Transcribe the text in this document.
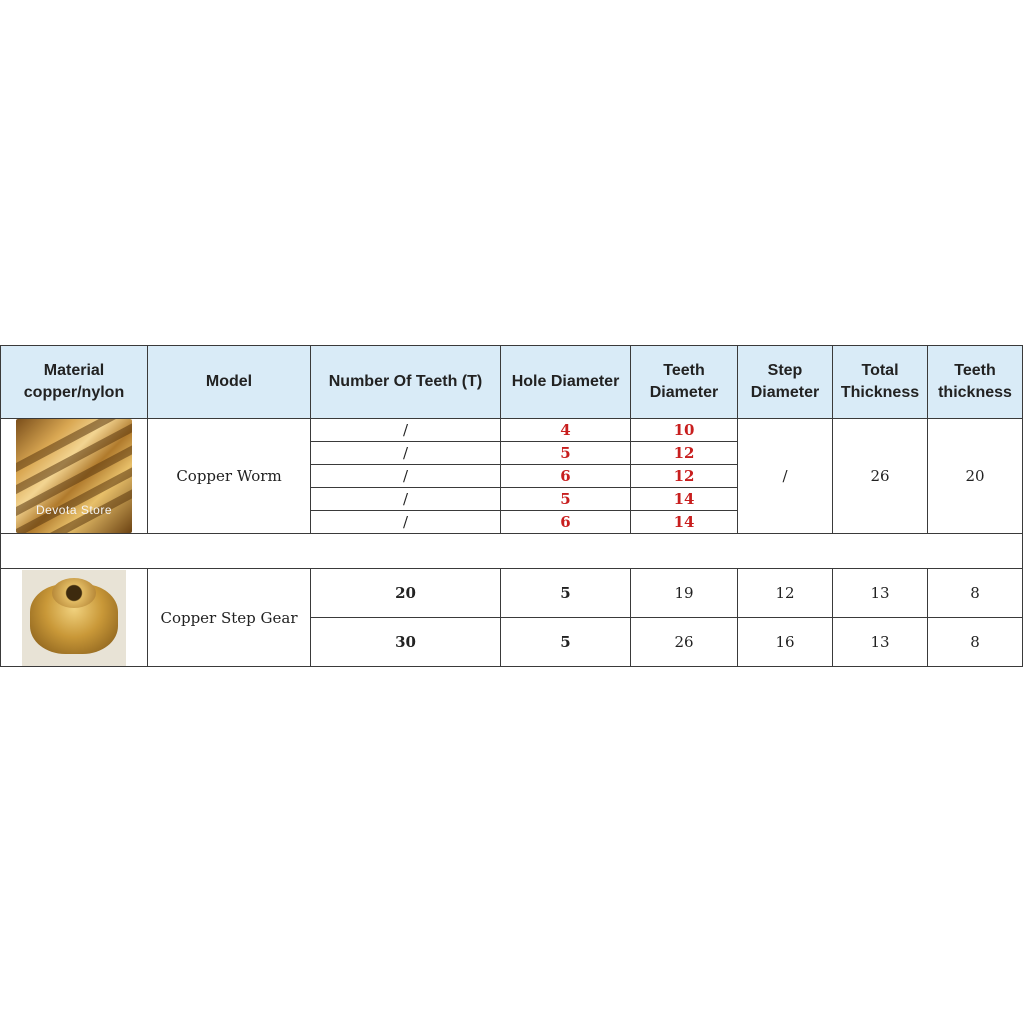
Material copper/nylon	Model	Number Of Teeth (T)	Hole Diameter	Teeth Diameter	Step Diameter	Total Thickness	Teeth thickness

Devota Store	Copper Worm	/	4	10	/	26	20
		/	5	12			
		/	6	12			
		/	5	14			
		/	6	14			

	Copper Step Gear	20	5	19	12	13	8
		30	5	26	16	13	8
